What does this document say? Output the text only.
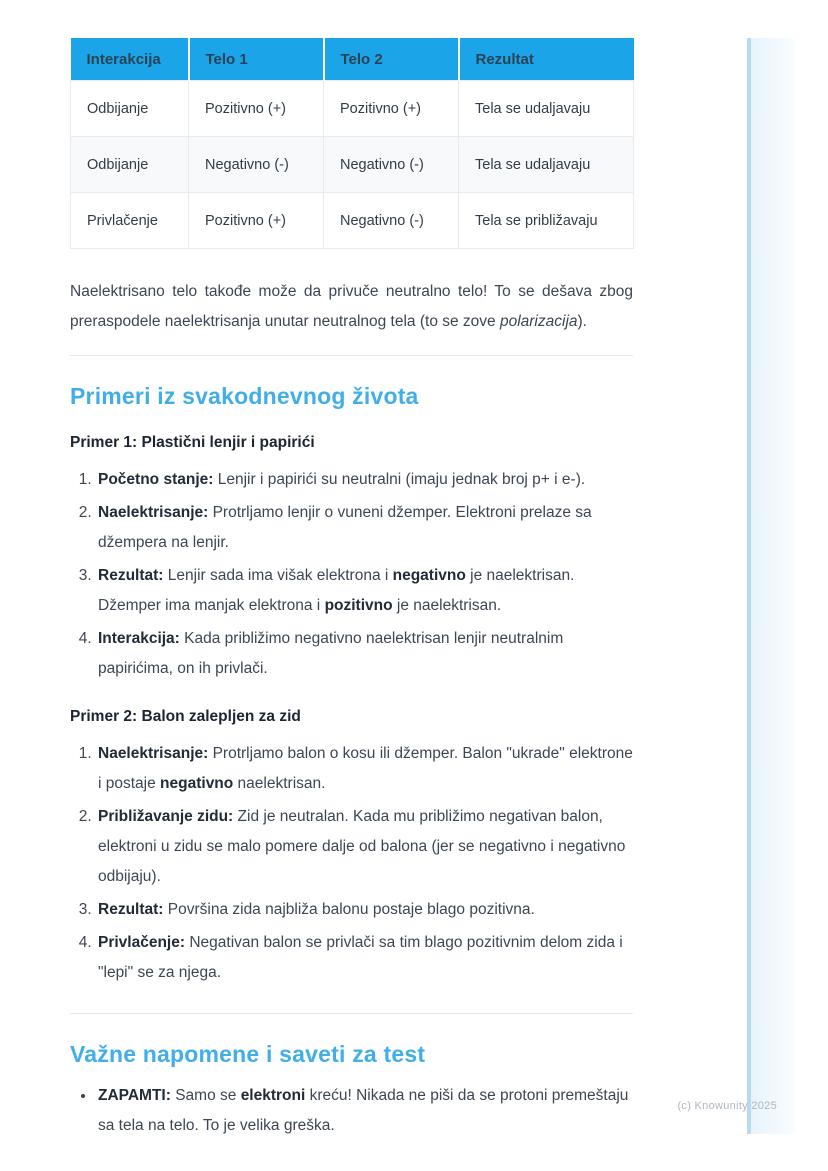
Interakcija	Telo 1	Telo 2	Rezultat
Odbijanje	Pozitivno (+)	Pozitivno (+)	Tela se udaljavaju
Odbijanje	Negativno (-)	Negativno (-)	Tela se udaljavaju
Privlačenje	Pozitivno (+)	Negativno (-)	Tela se približavaju

Naelektrisano telo takođe može da privuče neutralno telo! To se dešava zbog preraspodele naelektrisanja unutar neutralnog tela (to se zove polarizacija).

Primeri iz svakodnevnog života
Primer 1: Plastični lenjir i papirići
1. Početno stanje: Lenjir i papirići su neutralni (imaju jednak broj p+ i e-).
2. Naelektrisanje: Protrljamo lenjir o vuneni džemper. Elektroni prelaze sa džempera na lenjir.
3. Rezultat: Lenjir sada ima višak elektrona i negativno je naelektrisan. Džemper ima manjak elektrona i pozitivno je naelektrisan.
4. Interakcija: Kada približimo negativno naelektrisan lenjir neutralnim papirićima, on ih privlači.
Primer 2: Balon zalepljen za zid
1. Naelektrisanje: Protrljamo balon o kosu ili džemper. Balon "ukrade" elektrone i postaje negativno naelektrisan.
2. Približavanje zidu: Zid je neutralan. Kada mu približimo negativan balon, elektroni u zidu se malo pomere dalje od balona (jer se negativno i negativno odbijaju).
3. Rezultat: Površina zida najbliža balonu postaje blago pozitivna.
4. Privlačenje: Negativan balon se privlači sa tim blago pozitivnim delom zida i "lepi" se za njega.
Važne napomene i saveti za test
• ZAPAMTI: Samo se elektroni kreću! Nikada ne piši da se protoni premeštaju sa tela na telo. To je velika greška.
(c) Knowunity 2025
